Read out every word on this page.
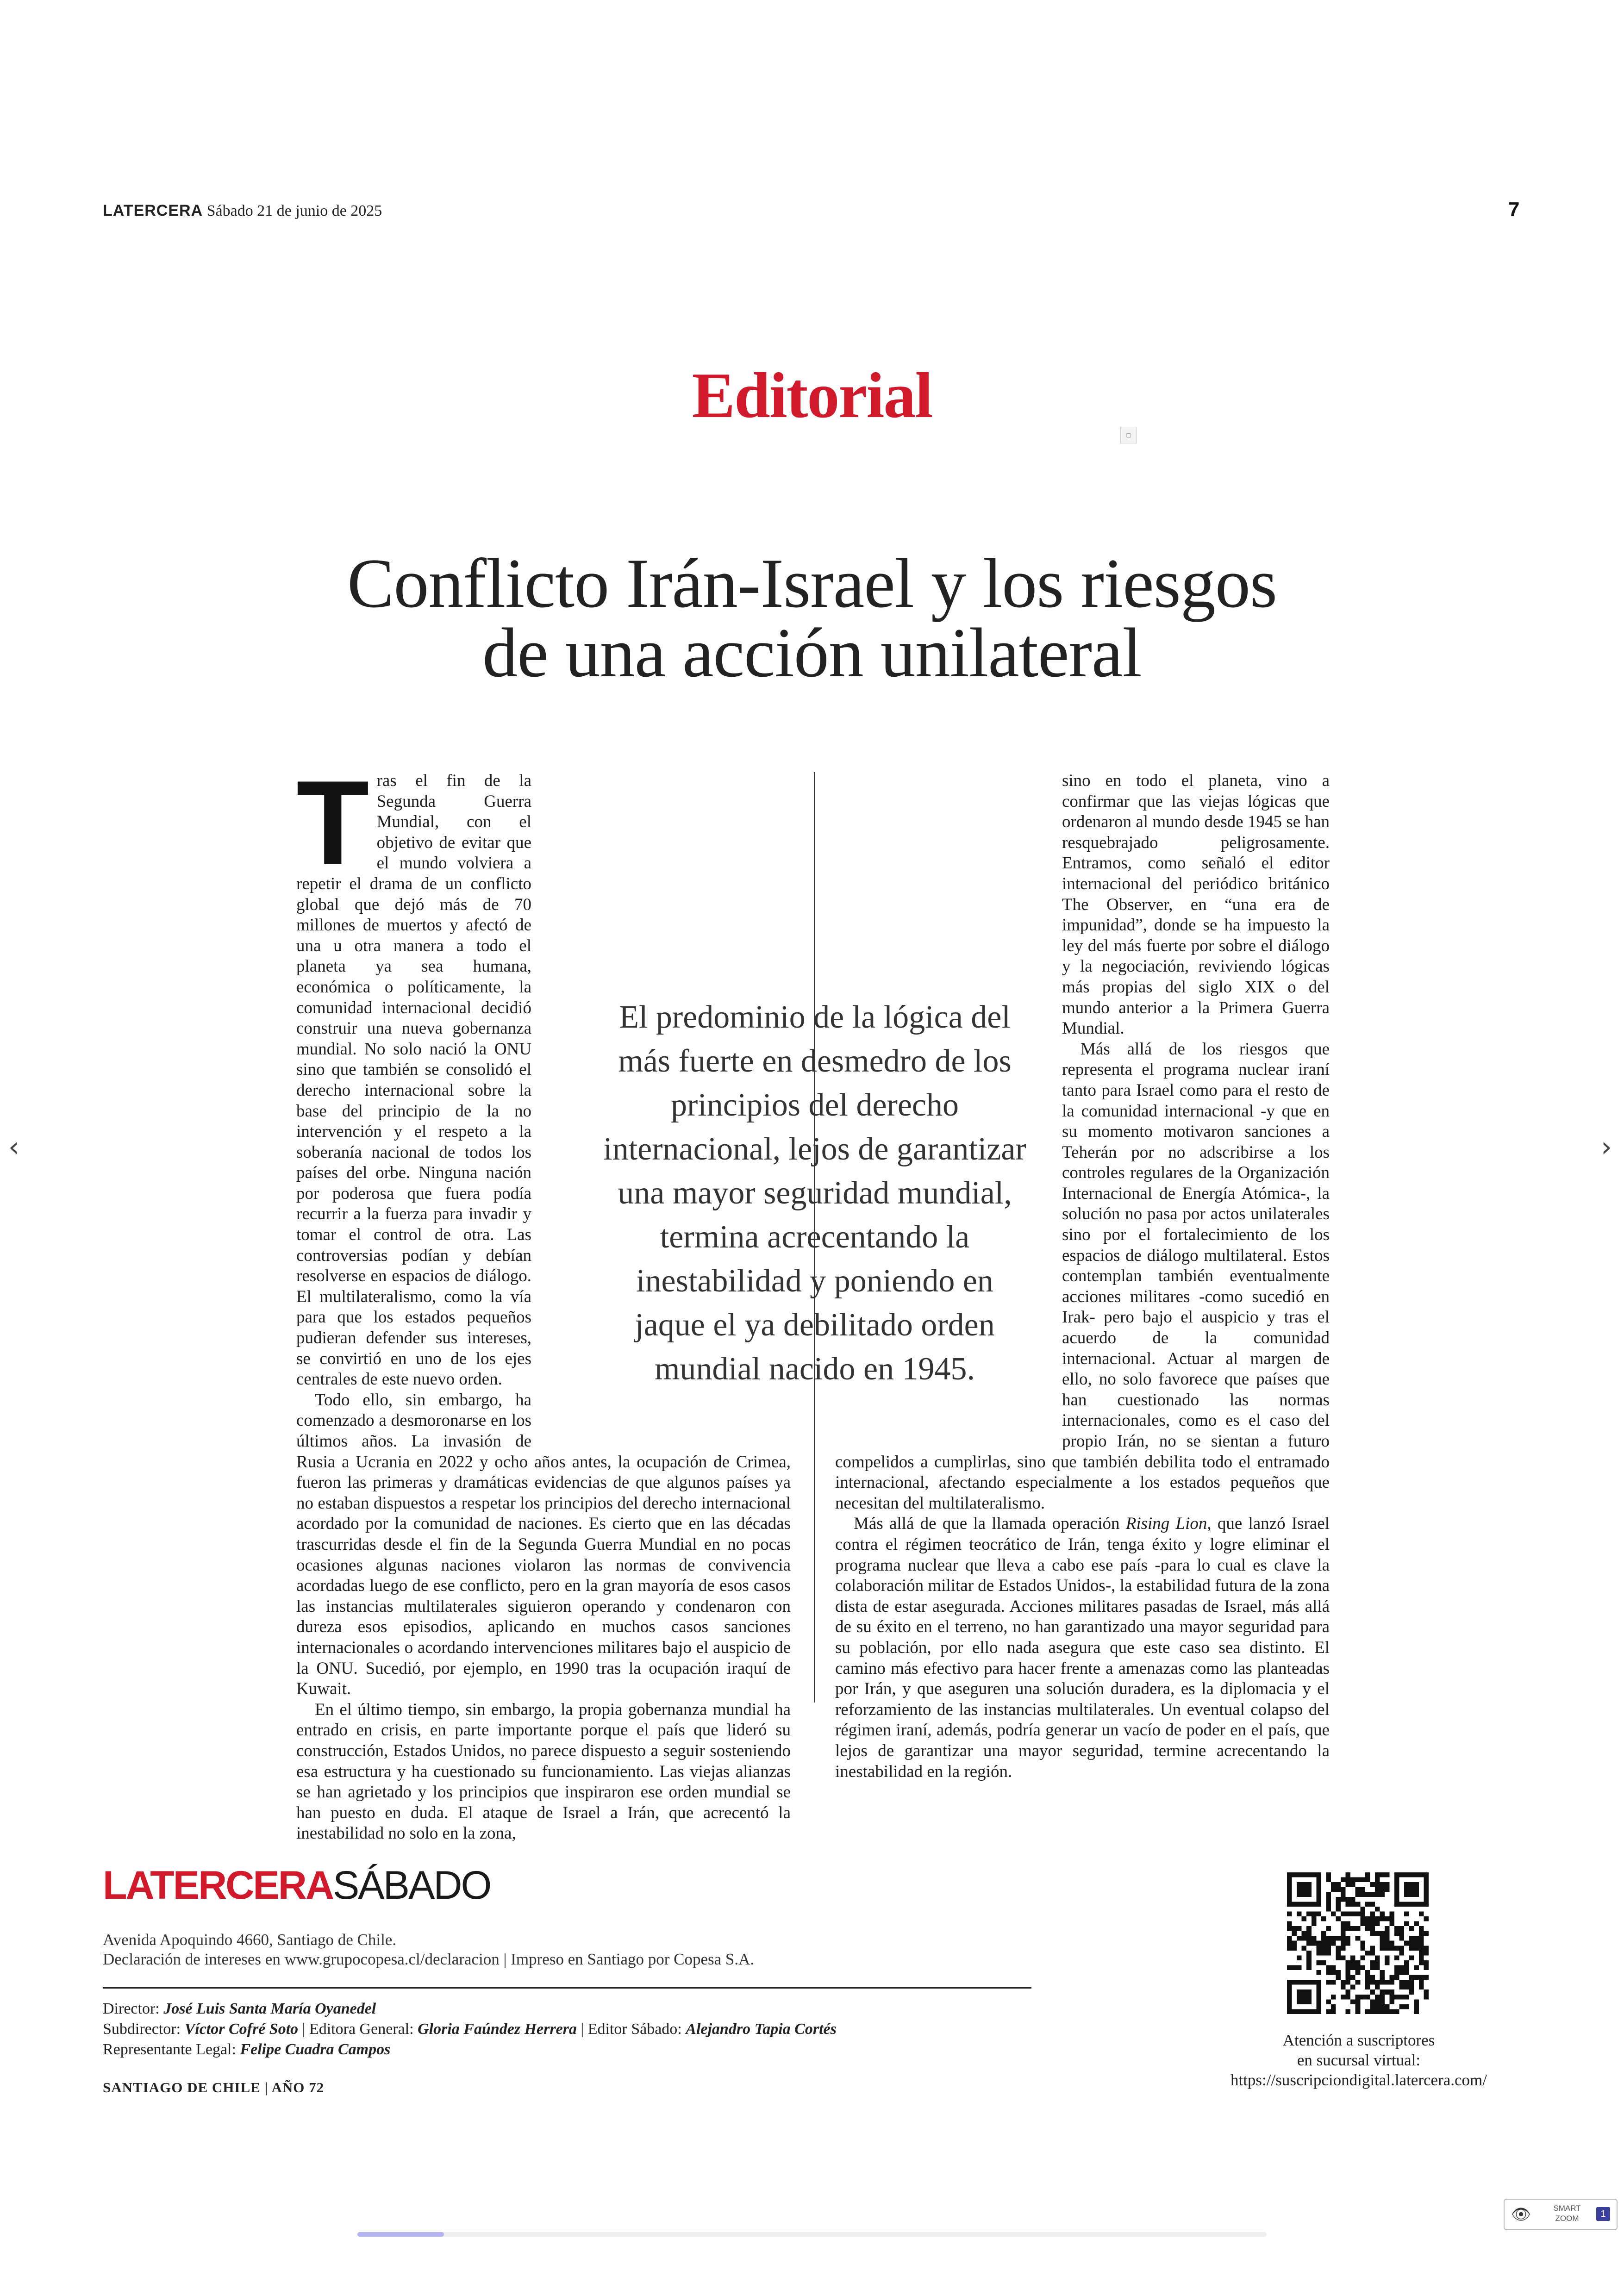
LATERCERA Sábado 21 de junio de 2025	7
Editorial
▢
Conflicto Irán-Israel y los riesgos
de una acción unilateral
T ras el fin de la Segunda Guerra Mundial, con el objetivo de evitar que el mundo volviera a repetir el drama de un conflicto global que dejó más de 70 millones de muertos y afectó de una u otra manera a todo el planeta ya sea humana, económica o políticamente, la comunidad internacional decidió construir una nueva gobernanza mundial. No solo nació la ONU sino que también se consolidó el derecho internacional sobre la base del principio de la no intervención y el respeto a la soberanía nacional de todos los países del orbe. Ninguna nación por poderosa que fuera podía recurrir a la fuerza para invadir y tomar el control de otra. Las controversias podían y debían resolverse en espacios de diálogo. El multilateralismo, como la vía para que los estados pequeños pudieran defender sus intereses, se convirtió en uno de los ejes centrales de este nuevo orden.

Todo ello, sin embargo, ha comenzado a desmoronarse en los últimos años. La invasión de Rusia a Ucrania en 2022 y ocho años antes, la ocupación de Crimea, fueron las primeras y dramáticas evidencias de que algunos países ya no estaban dispuestos a respetar los principios del derecho internacional acordado por la comunidad de naciones. Es cierto que en las décadas trascurridas desde el fin de la Segunda Guerra Mundial en no pocas ocasiones algunas naciones violaron las normas de convivencia acordadas luego de ese conflicto, pero en la gran mayoría de esos casos las instancias multilaterales siguieron operando y condenaron con dureza esos episodios, aplicando en muchos casos sanciones internacionales o acordando intervenciones militares bajo el auspicio de la ONU. Sucedió, por ejemplo, en 1990 tras la ocupación iraquí de Kuwait.

En el último tiempo, sin embargo, la propia gobernanza mundial ha entrado en crisis, en parte importante porque el país que lideró su construcción, Estados Unidos, no parece dispuesto a seguir sosteniendo esa estructura y ha cuestionado su funcionamiento. Las viejas alianzas se han agrietado y los principios que inspiraron ese orden mundial se han puesto en duda. El ataque de Israel a Irán, que acrecentó la inestabilidad no solo en la zona,

sino en todo el planeta, vino a confirmar que las viejas lógicas que ordenaron al mundo desde 1945 se han resquebrajado peligrosamente. Entramos, como señaló el editor internacional del periódico británico The Observer, en “una era de impunidad”, donde se ha impuesto la ley del más fuerte por sobre el diálogo y la negociación, reviviendo lógicas más propias del siglo XIX o del mundo anterior a la Primera Guerra Mundial.

Más allá de los riesgos que representa el programa nuclear iraní tanto para Israel como para el resto de la comunidad internacional -y que en su momento motivaron sanciones a Teherán por no adscribirse a los controles regulares de la Organización Internacional de Energía Atómica-, la solución no pasa por actos unilaterales sino por el fortalecimiento de los espacios de diálogo multilateral. Estos contemplan también eventualmente acciones militares -como sucedió en Irak- pero bajo el auspicio y tras el acuerdo de la comunidad internacional. Actuar al margen de ello, no solo favorece que países que han cuestionado las normas internacionales, como es el caso del propio Irán, no se sientan a futuro compelidos a cumplirlas, sino que también debilita todo el entramado internacional, afectando especialmente a los estados pequeños que necesitan del multilateralismo.

Más allá de que la llamada operación Rising Lion, que lanzó Israel contra el régimen teocrático de Irán, tenga éxito y logre eliminar el programa nuclear que lleva a cabo ese país -para lo cual es clave la colaboración militar de Estados Unidos-, la estabilidad futura de la zona dista de estar asegurada. Acciones militares pasadas de Israel, más allá de su éxito en el terreno, no han garantizado una mayor seguridad para su población, por ello nada asegura que este caso sea distinto. El camino más efectivo para hacer frente a amenazas como las planteadas por Irán, y que aseguren una solución duradera, es la diplomacia y el reforzamiento de las instancias multilaterales. Un eventual colapso del régimen iraní, además, podría generar un vacío de poder en el país, que lejos de garantizar una mayor seguridad, termine acrecentando la inestabilidad en la región.

El predominio de la lógica del más fuerte en desmedro de los principios del derecho internacional, lejos de garantizar una mayor seguridad mundial, termina acrecentando la inestabilidad y poniendo en jaque el ya debilitado orden mundial nacido en 1945.
LATERCERASÁBADO
Avenida Apoquindo 4660, Santiago de Chile.
Declaración de intereses en www.grupocopesa.cl/declaracion | Impreso en Santiago por Copesa S.A.
Director: José Luis Santa María Oyanedel
Subdirector: Víctor Cofré Soto | Editora General: Gloria Faúndez Herrera | Editor Sábado: Alejandro Tapia Cortés
Representante Legal: Felipe Cuadra Campos
SANTIAGO DE CHILE | AÑO 72
Atención a suscriptores
en sucursal virtual:
https://suscripciondigital.latercera.com/
‹	›
👁	SMART ZOOM	1
